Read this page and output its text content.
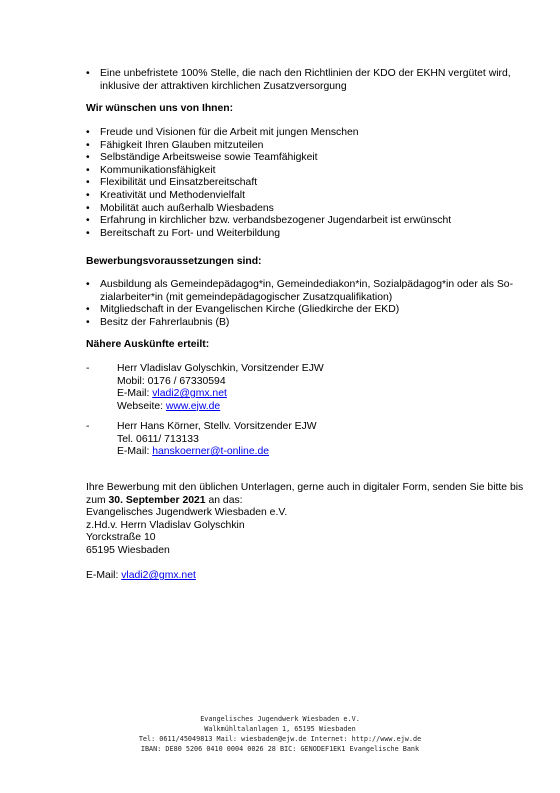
• Eine unbefristete 100% Stelle, die nach den Richtlinien der KDO der EKHN vergütet wird, inklusive der attraktiven kirchlichen Zusatzversorgung
Wir wünschen uns von Ihnen:
• Freude und Visionen für die Arbeit mit jungen Menschen
• Fähigkeit Ihren Glauben mitzuteilen
• Selbständige Arbeitsweise sowie Teamfähigkeit
• Kommunikationsfähigkeit
• Flexibilität und Einsatzbereitschaft
• Kreativität und Methodenvielfalt
• Mobilität auch außerhalb Wiesbadens
• Erfahrung in kirchlicher bzw. verbandsbezogener Jugendarbeit ist erwünscht
• Bereitschaft zu Fort- und Weiterbildung
Bewerbungsvoraussetzungen sind:
• Ausbildung als Gemeindepädagog*in, Gemeindediakon*in, Sozialpädagog*in oder als So-zialarbeiter*in (mit gemeindepädagogischer Zusatzqualifikation)
• Mitgliedschaft in der Evangelischen Kirche (Gliedkirche der EKD)
• Besitz der Fahrerlaubnis (B)
Nähere Auskünfte erteilt:
-	Herr Vladislav Golyschkin, Vorsitzender EJW
Mobil: 0176 / 67330594
E-Mail: vladi2@gmx.net
Webseite: www.ejw.de
-	Herr Hans Körner, Stellv. Vorsitzender EJW
Tel. 0611/ 713133
E-Mail: hanskoerner@t-online.de
Ihre Bewerbung mit den üblichen Unterlagen, gerne auch in digitaler Form, senden Sie bitte bis
zum 30. September 2021 an das:
Evangelisches Jugendwerk Wiesbaden e.V.
z.Hd.v. Herrn Vladislav Golyschkin
Yorckstraße 10
65195 Wiesbaden
E-Mail: vladi2@gmx.net
Evangelisches Jugendwerk Wiesbaden e.V.
Walkmühltalanlagen 1, 65195 Wiesbaden
Tel: 0611/45049813 Mail: wiesbaden@ejw.de Internet: http://www.ejw.de
IBAN: DE80 5206 0410 0004 0026 28 BIC: GENODEF1EK1 Evangelische Bank
